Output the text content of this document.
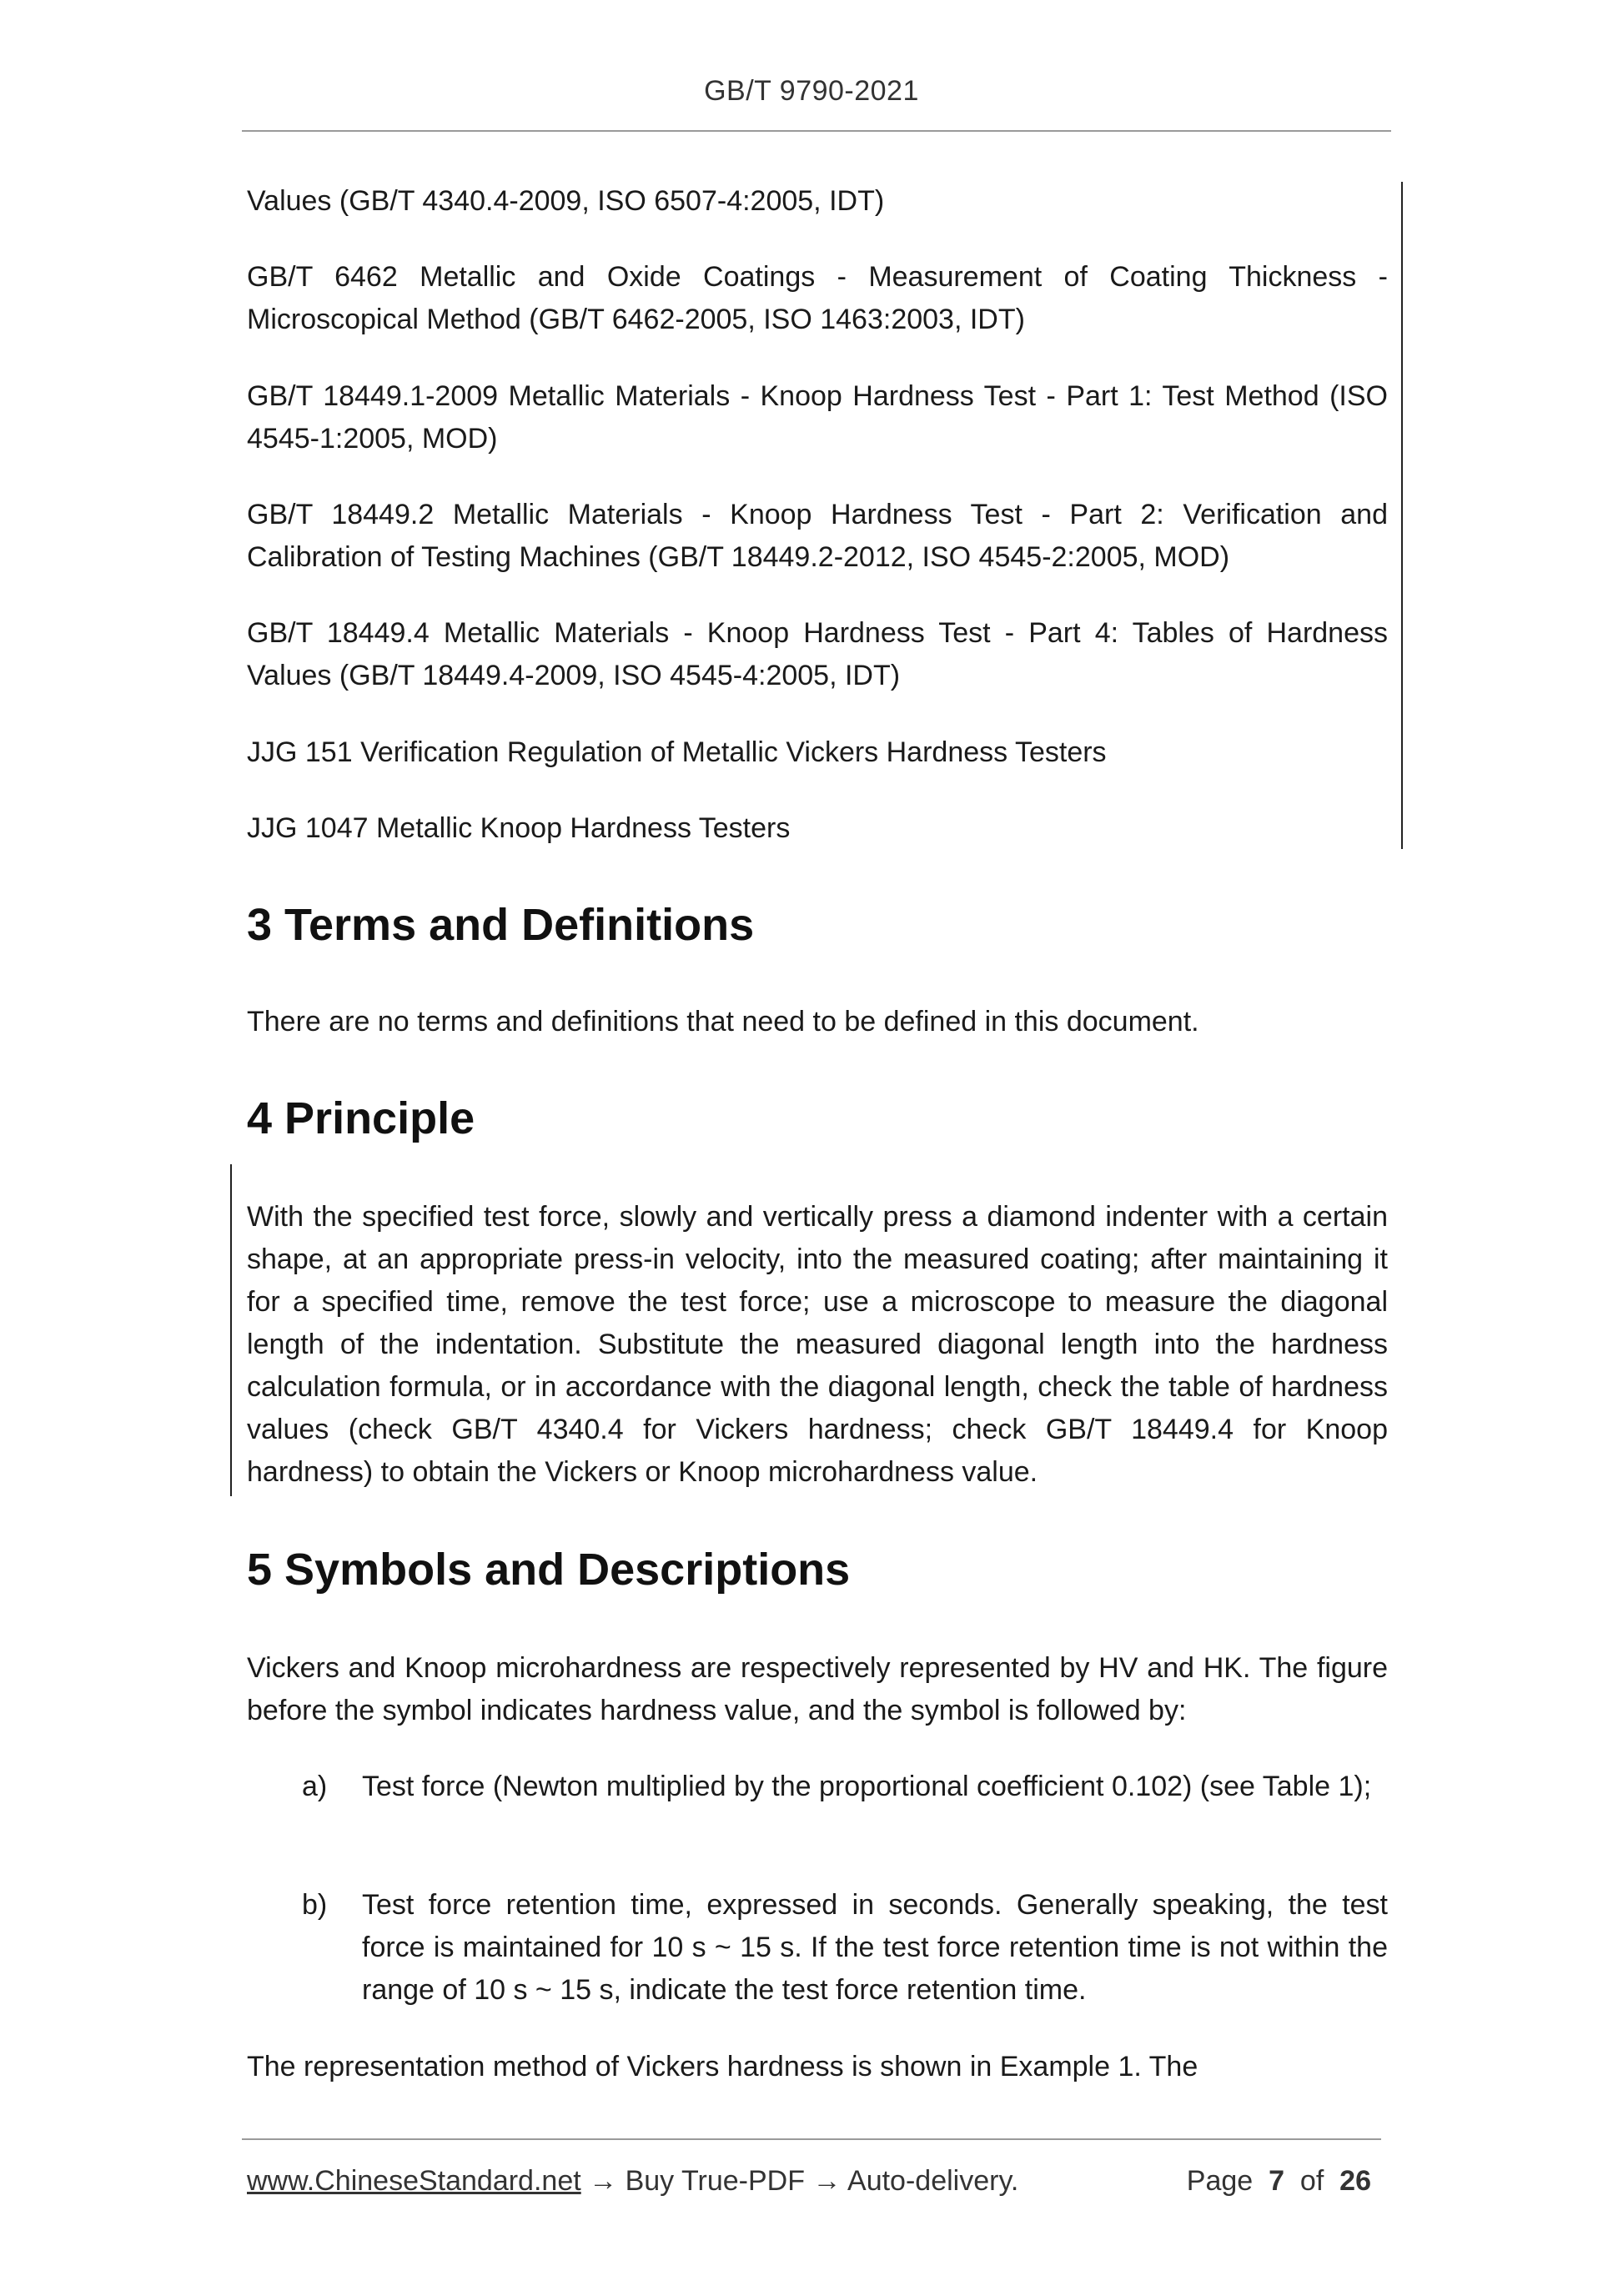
GB/T 9790-2021

Values (GB/T 4340.4-2009, ISO 6507-4:2005, IDT)

GB/T 6462 Metallic and Oxide Coatings - Measurement of Coating Thickness - Microscopical Method (GB/T 6462-2005, ISO 1463:2003, IDT)

GB/T 18449.1-2009 Metallic Materials - Knoop Hardness Test - Part 1: Test Method (ISO 4545-1:2005, MOD)

GB/T 18449.2 Metallic Materials - Knoop Hardness Test - Part 2: Verification and Calibration of Testing Machines (GB/T 18449.2-2012, ISO 4545-2:2005, MOD)

GB/T 18449.4 Metallic Materials - Knoop Hardness Test - Part 4: Tables of Hardness Values (GB/T 18449.4-2009, ISO 4545-4:2005, IDT)

JJG 151 Verification Regulation of Metallic Vickers Hardness Testers

JJG 1047 Metallic Knoop Hardness Testers

3 Terms and Definitions

There are no terms and definitions that need to be defined in this document.

4 Principle

With the specified test force, slowly and vertically press a diamond indenter with a certain shape, at an appropriate press-in velocity, into the measured coating; after maintaining it for a specified time, remove the test force; use a microscope to measure the diagonal length of the indentation. Substitute the measured diagonal length into the hardness calculation formula, or in accordance with the diagonal length, check the table of hardness values (check GB/T 4340.4 for Vickers hardness; check GB/T 18449.4 for Knoop hardness) to obtain the Vickers or Knoop microhardness value.

5 Symbols and Descriptions

Vickers and Knoop microhardness are respectively represented by HV and HK. The figure before the symbol indicates hardness value, and the symbol is followed by:

a) Test force (Newton multiplied by the proportional coefficient 0.102) (see Table 1);
b) Test force retention time, expressed in seconds. Generally speaking, the test force is maintained for 10 s ~ 15 s. If the test force retention time is not within the range of 10 s ~ 15 s, indicate the test force retention time.

The representation method of Vickers hardness is shown in Example 1. The

www.ChineseStandard.net → Buy True-PDF → Auto-delivery.	Page 7 of 26
